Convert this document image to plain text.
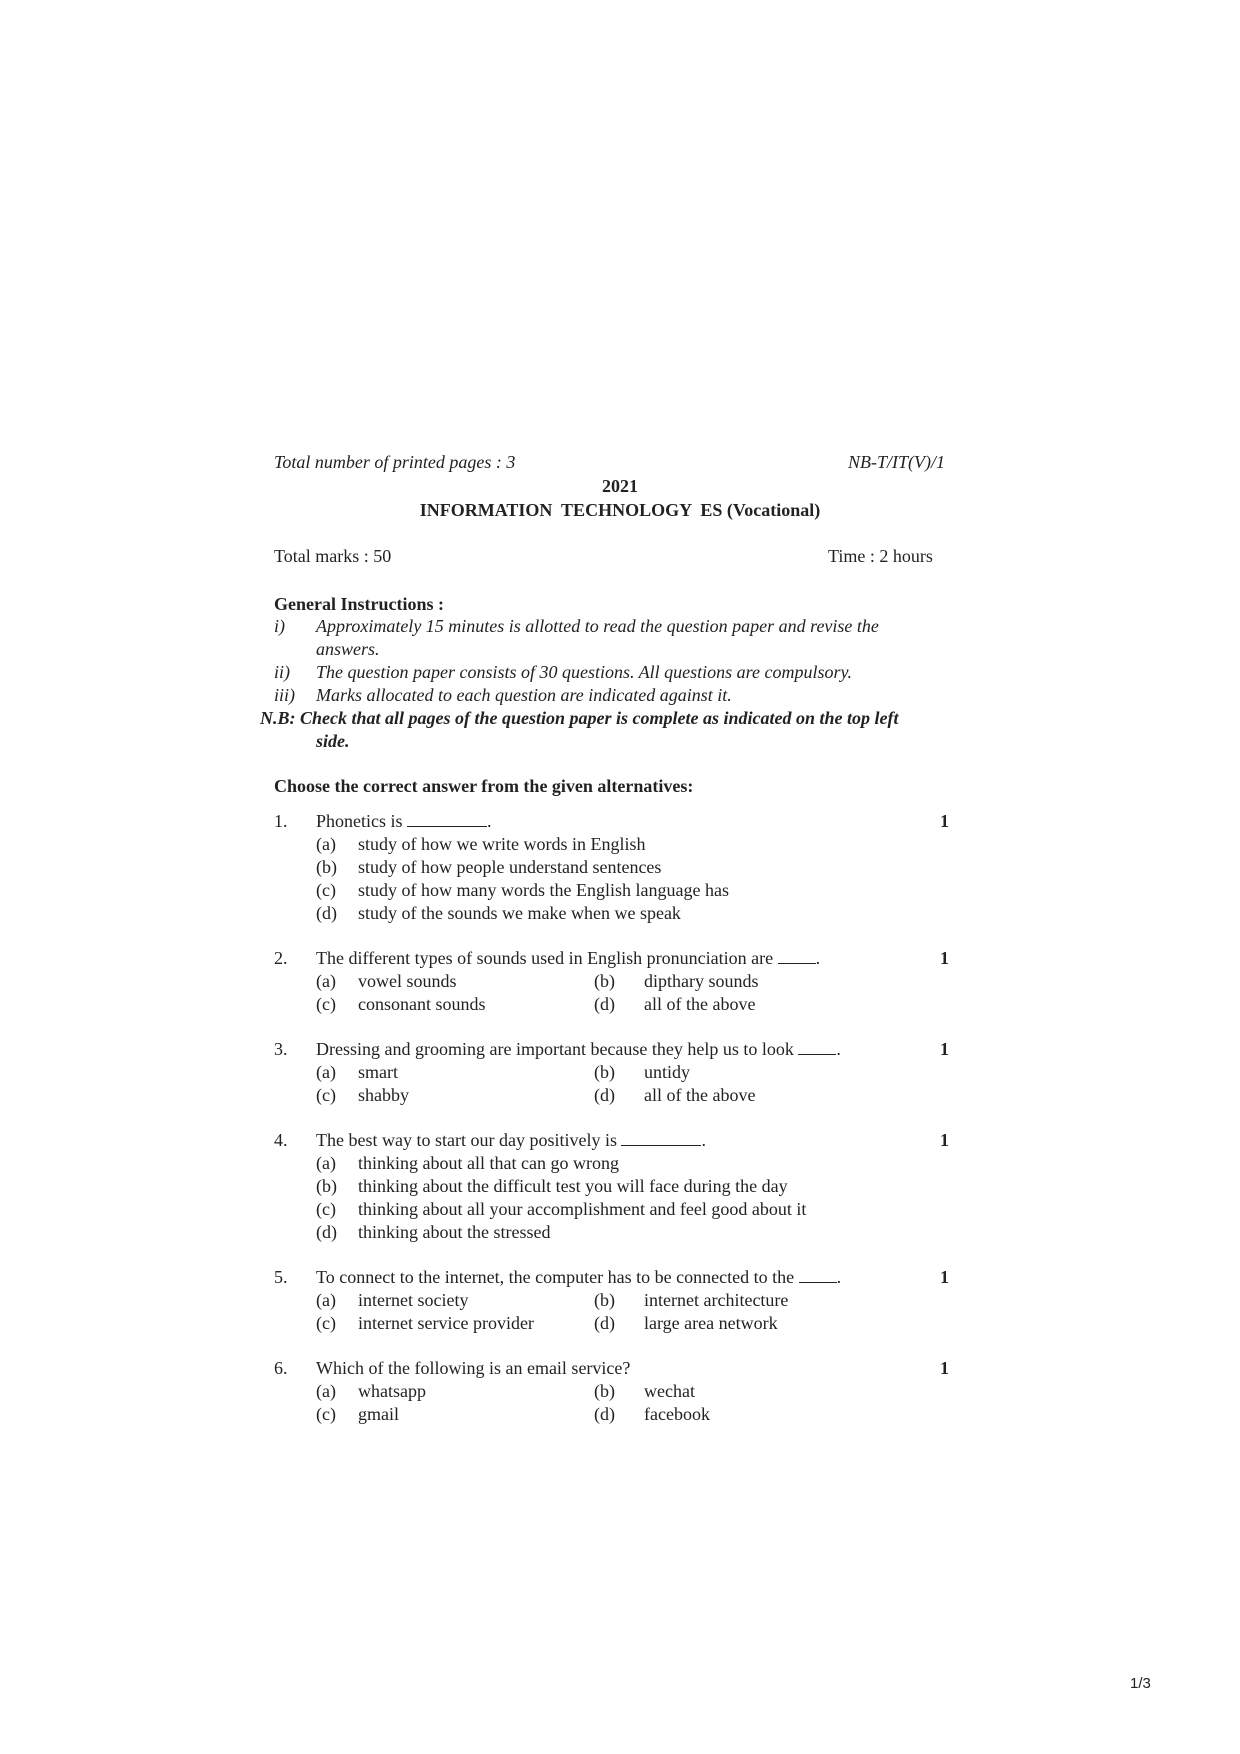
Total number of printed pages : 3	NB-T/IT(V)/1
2021
INFORMATION  TECHNOLOGY  ES (Vocational)
Total marks : 50	Time : 2 hours
General Instructions :
i) Approximately 15 minutes is allotted to read the question paper and revise the
answers.
ii) The question paper consists of 30 questions. All questions are compulsory.
iii) Marks allocated to each question are indicated against it.
N.B: Check that all pages of the question paper is complete as indicated on the top left
side.
Choose the correct answer from the given alternatives:
1. Phonetics is	.	1
(a) study of how we write words in English
(b) study of how people understand sentences
(c) study of how many words the English language has
(d) study of the sounds we make when we speak
2. The different types of sounds used in English pronunciation are .	1
(a) vowel sounds	(b) dipthary sounds
(c) consonant sounds	(d) all of the above
3. Dressing and grooming are important because they help us to look .	1
(a) smart	(b) untidy
(c) shabby	(d) all of the above
4. The best way to start our day positively is	.	1
(a) thinking about all that can go wrong
(b) thinking about the difficult test you will face during the day
(c) thinking about all your accomplishment and feel good about it
(d) thinking about the stressed
5. To connect to the internet, the computer has to be connected to the .	1
(a) internet society	(b) internet architecture
(c) internet service provider	(d) large area network
6. Which of the following is an email service?	1
(a) whatsapp	(b) wechat
(c) gmail	(d) facebook
1/3
